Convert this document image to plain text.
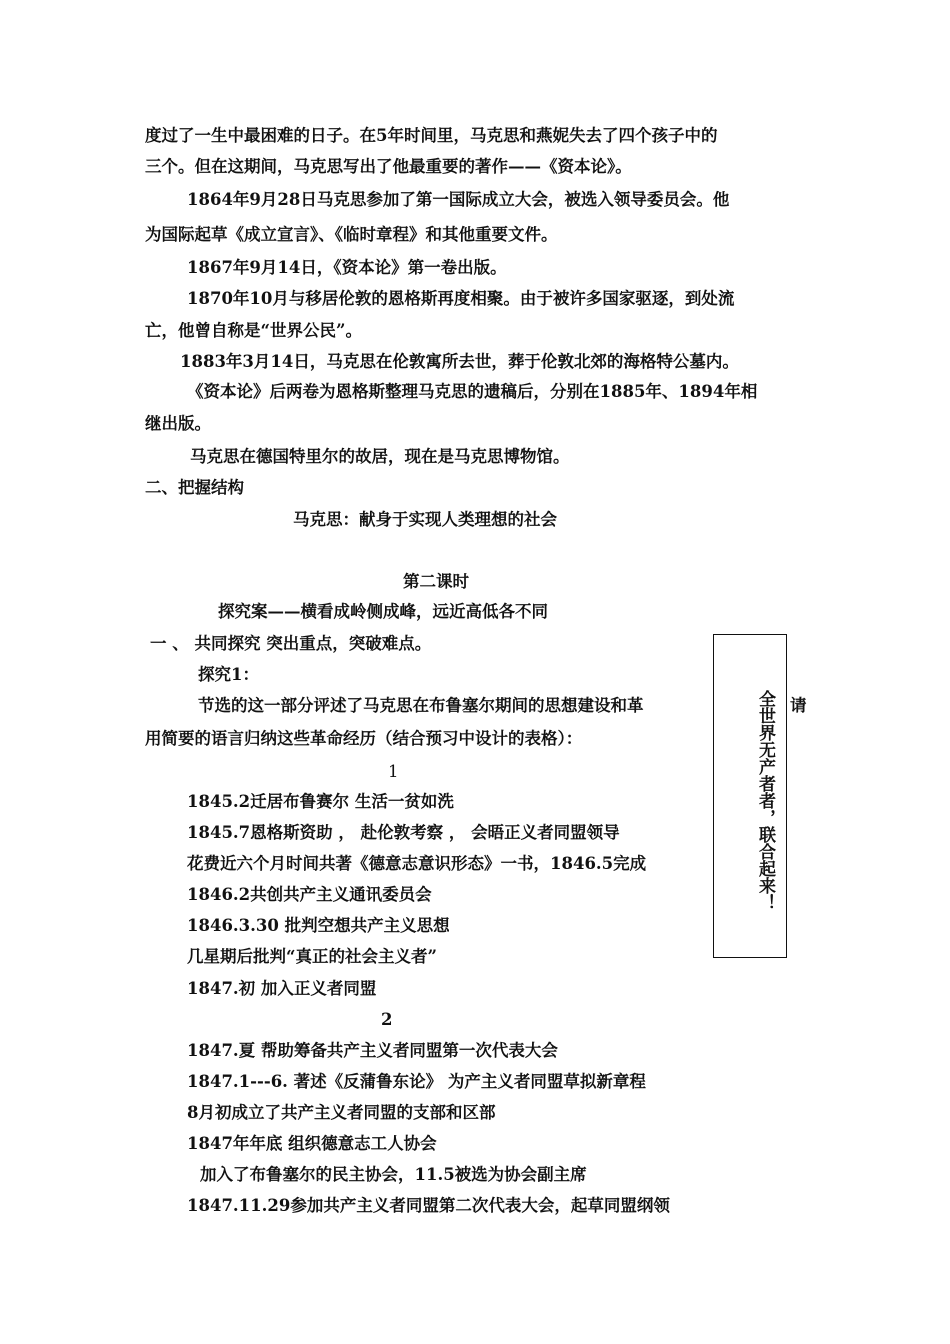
度过了一生中最困难的日子。在5年时间里，马克思和燕妮失去了四个孩子中的
三个。但在这期间，马克思写出了他最重要的著作——《资本论》。
1864年9月28日马克思参加了第一国际成立大会，被选入领导委员会。他
为国际起草《成立宣言》、《临时章程》和其他重要文件。
1867年9月14日，《资本论》第一卷出版。
1870年10月与移居伦敦的恩格斯再度相聚。由于被许多国家驱逐，到处流
亡，他曾自称是“世界公民”。
1883年3月14日，马克思在伦敦寓所去世，葬于伦敦北郊的海格特公墓内。
《资本论》后两卷为恩格斯整理马克思的遗稿后，分别在1885年、1894年相
继出版。
马克思在德国特里尔的故居，现在是马克思博物馆。
二、把握结构
马克思：献身于实现人类理想的社会
第二课时
探究案——横看成岭侧成峰，远近高低各不同
一 、 共同探究 突出重点，突破难点。
探究1：
节选的这一部分评述了马克思在布鲁塞尔期间的思想建设和革	请
用简要的语言归纳这些革命经历（结合预习中设计的表格）：
1
1845.2迁居布鲁赛尔 生活一贫如洗
1845.7恩格斯资助 ， 赴伦敦考察 ， 会晤正义者同盟领导
花费近六个月时间共著《德意志意识形态》一书，1846.5完成
1846.2共创共产主义通讯委员会
1846.3.30 批判空想共产主义思想
几星期后批判“真正的社会主义者”
1847.初 加入正义者同盟
2
1847.夏 帮助筹备共产主义者同盟第一次代表大会
1847.1---6. 著述《反蒲鲁东论》 为产主义者同盟草拟新章程
8月初成立了共产主义者同盟的支部和区部
1847年年底 组织德意志工人协会
加入了布鲁塞尔的民主协会，11.5被选为协会副主席
1847.11.29参加共产主义者同盟第二次代表大会，起草同盟纲领
全世界无产者者，联合起来！
